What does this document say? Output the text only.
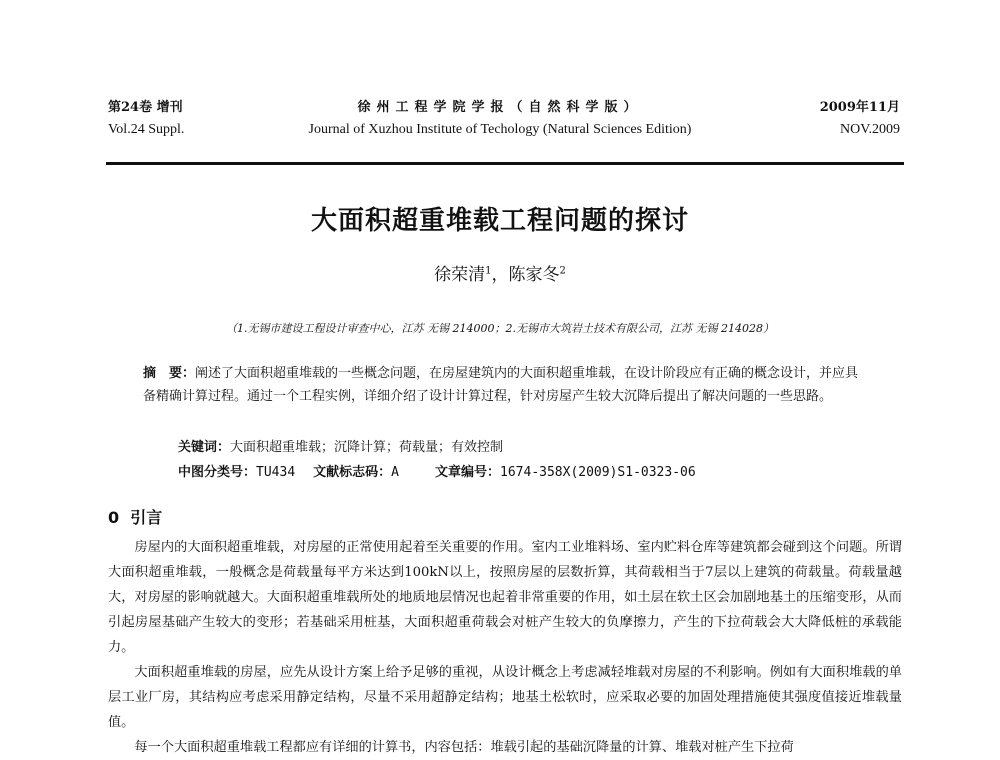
第24卷 增刊	徐州工程学院学报（自然科学版）	2009年11月
Vol.24 Suppl.	Journal of Xuzhou Institute of Techology (Natural Sciences Edition)	NOV.2009
大面积超重堆载工程问题的探讨
徐荣清$^1$，陈家冬$^2$
（1.无锡市建设工程设计审查中心，江苏 无锡 214000；2.无锡市大筑岩土技术有限公司，江苏 无锡 214028）
摘　要：阐述了大面积超重堆载的一些概念问题，在房屋建筑内的大面积超重堆载，在设计阶段应有正确的概念设计，并应具备精确计算过程。通过一个工程实例，详细介绍了设计计算过程，针对房屋产生较大沉降后提出了解决问题的一些思路。
关键词：大面积超重堆载；沉降计算；荷载量；有效控制
中图分类号：TU434 文献标志码：A	文章编号：1674-358X(2009)S1-0323-06
0 引言

房屋内的大面积超重堆载，对房屋的正常使用起着至关重要的作用。室内工业堆料场、室内贮料仓库等建筑都会碰到这个问题。所谓大面积超重堆载，一般概念是荷载量每平方米达到100kN以上，按照房屋的层数折算，其荷载相当于7层以上建筑的荷载量。荷载量越大，对房屋的影响就越大。大面积超重堆载所处的地质地层情况也起着非常重要的作用，如土层在软土区会加剧地基土的压缩变形，从而引起房屋基础产生较大的变形；若基础采用桩基，大面积超重荷载会对桩产生较大的负摩擦力，产生的下拉荷载会大大降低桩的承载能力。

大面积超重堆载的房屋，应先从设计方案上给予足够的重视，从设计概念上考虑减轻堆载对房屋的不利影响。例如有大面积堆载的单层工业厂房，其结构应考虑采用静定结构，尽量不采用超静定结构；地基土松软时，应采取必要的加固处理措施使其强度值接近堆载量值。

每一个大面积超重堆载工程都应有详细的计算书，内容包括：堆载引起的基础沉降量的计算、堆载对桩产生下拉荷
